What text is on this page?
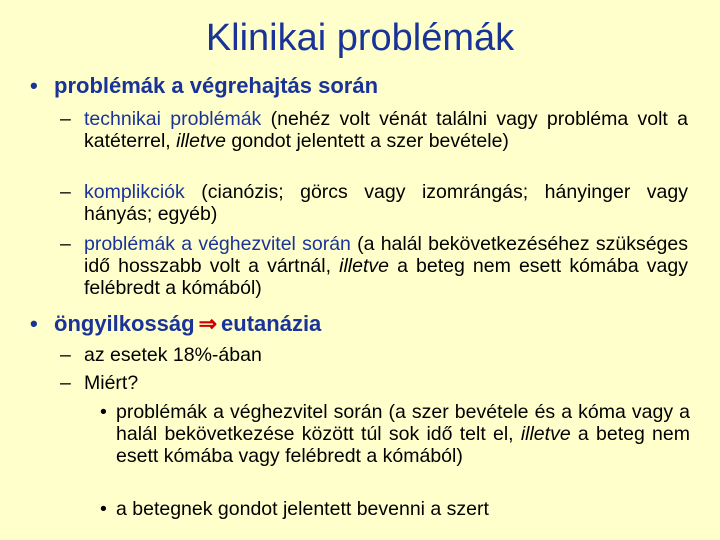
Klinikai problémák
• problémák a végrehajtás során
– technikai problémák (nehéz volt vénát találni vagy probléma volt a katéterrel, illetve gondot jelentett a szer bevétele)
– komplikciók (cianózis; görcs vagy izomrángás; hányinger vagy hányás; egyéb)
– problémák a véghezvitel során (a halál bekövetkezéséhez szükséges idő hosszabb volt a vártnál, illetve a beteg nem esett kómába vagy felébredt a kómából)
• öngyilkosság ⇒ eutanázia
– az esetek 18%-ában
– Miért?
• problémák a véghezvitel során (a szer bevétele és a kóma vagy a halál bekövetkezése között túl sok idő telt el, illetve a beteg nem esett kómába vagy felébredt a kómából)
• a betegnek gondot jelentett bevenni a szert
